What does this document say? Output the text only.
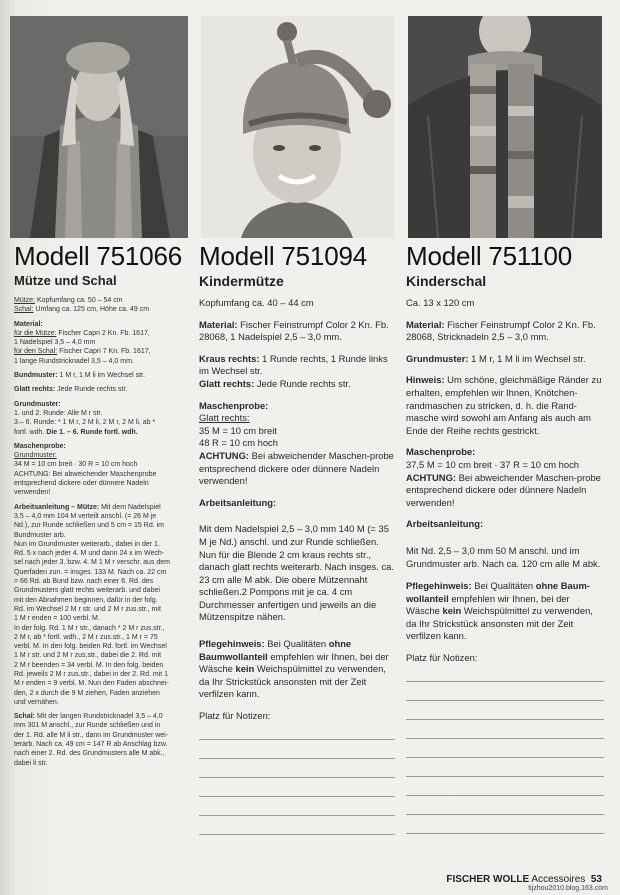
Modell 751066
Mütze und Schal
Mütze: Kopfumfang ca. 50 – 54 cm
Schal: Umfang ca. 125 cm, Höhe ca. 49 cm
Material:
für die Mütze: Fischer Capri 2 Kn. Fb. 1617,
1 Nadelspiel 3,5 – 4,0 mm
für den Schal: Fischer Capri 7 Kn. Fb. 1617,
1 lange Rundstricknadel 3,5 – 4,0 mm.
Bundmuster: 1 M r, 1 M li im Wechsel str.
Glatt rechts: Jede Runde rechts str.
Grundmuster:
1. und 2. Runde: Alle M r str.
3.– 6. Runde: * 1 M r, 2 M li, 2 M r, 2 M li, ab *
fortl. wdh. Die 1. – 6. Runde fortl. wdh.
Maschenprobe:
Grundmuster:
34 M = 10 cm breit · 30 R = 10 cm hoch
ACHTUNG: Bei abweichender Maschenprobe
entsprechend dickere oder dünnere Nadeln
verwenden!
Arbeitsanleitung – Mütze: Mit dem Nadelspiel
3,5 – 4,0 mm 104 M verteilt anschl. (= 26 M je
Nd.), zur Runde schließen und 5 cm = 15 Rd. im
Bundmuster arb.
Nun im Grundmuster weiterarb., dabei in der 1.
Rd. 5 x nach jeder 4. M und dann 24 x im Wech-
sel nach jeder 3. bzw. 4. M 1 M r verschr. aus dem
Querfaden zun. = insges. 133 M. Nach ca. 22 cm
= 66 Rd. ab Bund bzw. nach einer 6. Rd. des
Grundmusters glatt rechts weiterarb. und dabei
mit den Abnahmen beginnen, dafür in der folg.
Rd. im Wechsel 2 M r str. und 2 M r zus.str., mit
1 M r enden = 100 verbl. M.
In der folg. Rd. 1 M r str., danach * 2 M r zus.str.,
2 M r, ab * fortl. wdh., 2 M r zus.str., 1 M r = 75
verbl. M. In den folg. beiden Rd. fortl. im Wechsel
1 M r str. und 2 M r zus.str., dabei die 2. Rd. mit
2 M r beenden = 34 verbl. M. In den folg. beiden
Rd. jeweils 2 M r zus.str., dabei in der 2. Rd. mit 1
M r enden = 9 verbl. M. Nun den Faden abschnei-
den, 2 x durch die 9 M ziehen, Faden anziehen
und vernähen.
Schal: Mit der langen Rundstricknadel 3,5 – 4,0
mm 301 M anschl., zur Runde schließen und in
der 1. Rd. alle M li str., dann im Grundmuster wei-
terarb. Nach ca. 49 cm = 147 R ab Anschlag bzw.
nach einer 2. Rd. des Grundmusters alle M abk.,
dabei li str.
Modell 751094
Kindermütze
Kopfumfang ca. 40 – 44 cm
Material: Fischer Feinstrumpf Color 2 Kn. Fb. 28068, 1 Nadelspiel 2,5 – 3,0 mm.
Kraus rechts: 1 Runde rechts, 1 Runde links im Wechsel str.
Glatt rechts: Jede Runde rechts str.
Maschenprobe:
Glatt rechts:
35 M = 10 cm breit
48 R = 10 cm hoch
ACHTUNG: Bei abweichender Maschen-probe entsprechend dickere oder dünnere Nadeln verwenden!
Arbeitsanleitung:
Mit dem Nadelspiel 2,5 – 3,0 mm 140 M (= 35 M je Nd.) anschl. und zur Runde schließen. Nun für die Blende 2 cm kraus rechts str., danach glatt rechts weiterarb. Nach insges. ca. 23 cm alle M abk. Die obere Mützennaht schließen.2 Pompons mit je ca. 4 cm Durchmesser anfertigen und jeweils an die Mützenspitze nähen.
Pflegehinweis: Bei Qualitäten ohne Baumwollanteil empfehlen wir Ihnen, bei der Wäsche kein Weichspülmittel zu verwenden, da Ihr Strickstück ansonsten mit der Zeit verfilzen kann.
Platz für Notizen:
Modell 751100
Kinderschal
Ca. 13 x 120 cm
Material: Fischer Feinstrumpf Color 2 Kn. Fb. 28068, Stricknadeln 2,5 – 3,0 mm.
Grundmuster: 1 M r, 1 M li im Wechsel str.
Hinweis: Um schöne, gleichmäßige Ränder zu erhalten, empfehlen wir Ihnen, Knötchen-randmaschen zu stricken, d. h. die Rand-masche wird sowohl am Anfang als auch am Ende der Reihe rechts gestrickt.
Maschenprobe:
37,5 M = 10 cm breit · 37 R = 10 cm hoch
ACHTUNG: Bei abweichender Maschen-probe entsprechend dickere oder dünnere Nadeln verwenden!
Arbeitsanleitung:
Mit Nd. 2,5 – 3,0 mm 50 M anschl. und im Grundmuster arb. Nach ca. 120 cm alle M abk.
Pflegehinweis: Bei Qualitäten ohne Baum-wollanteil empfehlen wir Ihnen, bei der Wäsche kein Weichspülmittel zu verwenden, da Ihr Strickstück ansonsten mit der Zeit verfilzen kann.
Platz für Notizen:
FISCHER WOLLE Accessoires 53
tijzhou2010.blog.163.com
